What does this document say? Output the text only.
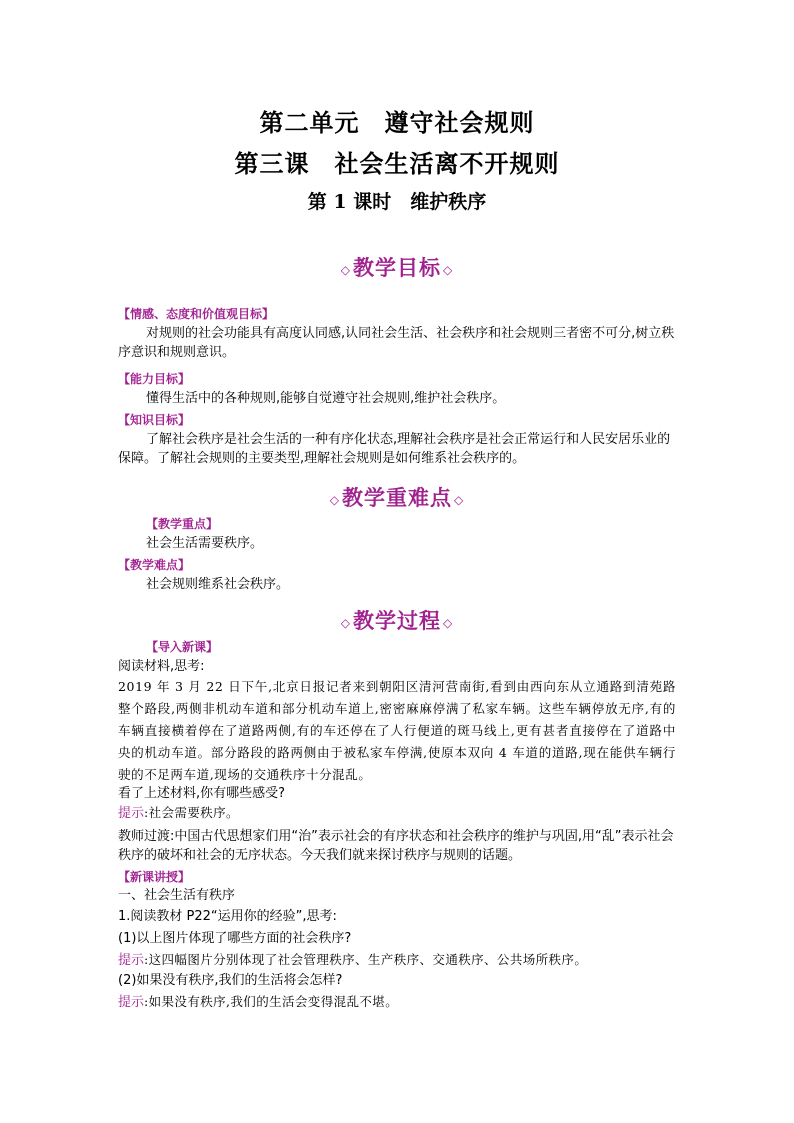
第二单元　遵守社会规则
第三课　社会生活离不开规则
第 1 课时　维护秩序
◇教学目标 ◇
【情感、态度和价值观目标】
对规则的社会功能具有高度认同感,认同社会生活、社会秩序和社会规则三者密不可分,树立秩序意识和规则意识。
【能力目标】
懂得生活中的各种规则,能够自觉遵守社会规则,维护社会秩序。
【知识目标】
了解社会秩序是社会生活的一种有序化状态,理解社会秩序是社会正常运行和人民安居乐业的保障。了解社会规则的主要类型,理解社会规则是如何维系社会秩序的。
◇教学重难点 ◇
【教学重点】
社会生活需要秩序。
【教学难点】
社会规则维系社会秩序。
◇教学过程 ◇
【导入新课】
阅读材料,思考:
2019 年 3 月 22 日下午,北京日报记者来到朝阳区清河营南街,看到由西向东从立通路到清苑路整个路段,两侧非机动车道和部分机动车道上,密密麻麻停满了私家车辆。这些车辆停放无序,有的车辆直接横着停在了道路两侧,有的车还停在了人行便道的斑马线上,更有甚者直接停在了道路中央的机动车道。部分路段的路两侧由于被私家车停满,使原本双向 4 车道的道路,现在能供车辆行驶的不足两车道,现场的交通秩序十分混乱。
看了上述材料,你有哪些感受?
提示:社会需要秩序。
教师过渡:中国古代思想家们用“治”表示社会的有序状态和社会秩序的维护与巩固,用“乱”表示社会秩序的破坏和社会的无序状态。今天我们就来探讨秩序与规则的话题。
【新课讲授】
一、社会生活有秩序
1.阅读教材 P22“运用你的经验”,思考:
(1)以上图片体现了哪些方面的社会秩序?
提示:这四幅图片分别体现了社会管理秩序、生产秩序、交通秩序、公共场所秩序。
(2)如果没有秩序,我们的生活将会怎样?
提示:如果没有秩序,我们的生活会变得混乱不堪。
